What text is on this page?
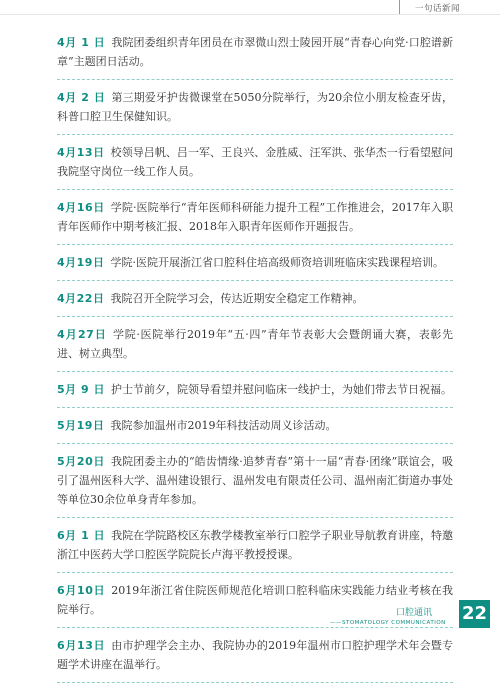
一句话新闻

4月 1 日 我院团委组织青年团员在市翠微山烈士陵园开展“青春心向党·口腔谱新章”主题团日活动。

4月 2 日 第三期爱牙护齿微课堂在5050分院举行，为20余位小朋友检查牙齿，科普口腔卫生保健知识。

4月13日 校领导吕帆、吕一军、王良兴、金胜威、汪军洪、张华杰一行看望慰问我院坚守岗位一线工作人员。

4月16日 学院·医院举行“青年医师科研能力提升工程”工作推进会，2017年入职青年医师作中期考核汇报、2018年入职青年医师作开题报告。

4月19日 学院·医院开展浙江省口腔科住培高级师资培训班临床实践课程培训。

4月22日 我院召开全院学习会，传达近期安全稳定工作精神。

4月27日 学院·医院举行2019年“五·四”青年节表彰大会暨朗诵大赛，表彰先进、树立典型。

5月 9 日 护士节前夕，院领导看望并慰问临床一线护士，为她们带去节日祝福。

5月19日 我院参加温州市2019年科技活动周义诊活动。

5月20日 我院团委主办的“皓齿情缘·追梦青春”第十一届“青春·团缘”联谊会，吸引了温州医科大学、温州建设银行、温州发电有限责任公司、温州南汇街道办事处等单位30余位单身青年参加。

6月 1 日 我院在学院路校区东教学楼教室举行口腔学子职业导航教育讲座，特邀浙江中医药大学口腔医学院院长卢海平教授授课。

6月10日 2019年浙江省住院医师规范化培训口腔科临床实践能力结业考核在我院举行。

6月13日 由市护理学会主办、我院协办的2019年温州市口腔护理学术年会暨专题学术讲座在温举行。

口腔通讯
——STOMATOLOGY COMMUNICATION 22
